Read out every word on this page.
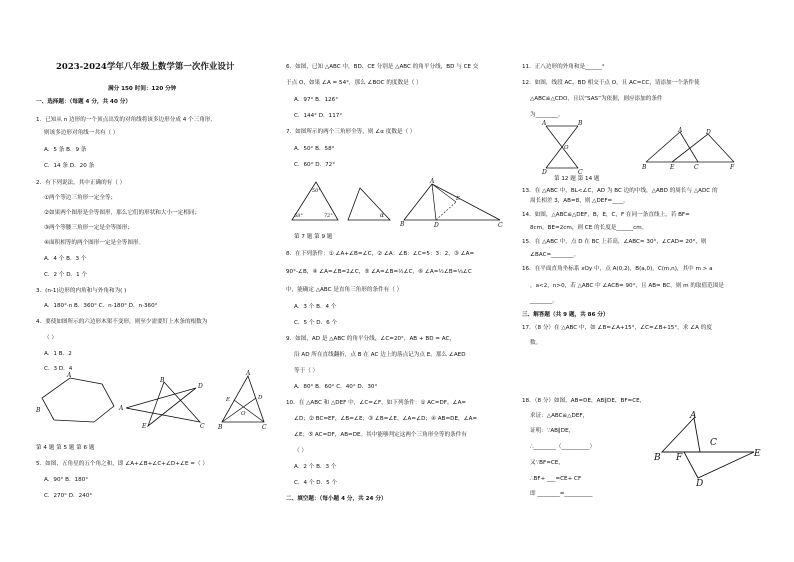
2023-2024学年八年级上数学第一次作业设计
满分 150 时间：120 分钟
一、选择题：（每题 4 分，共 40 分）
1．已知从 n 边形的一个顶点出发的对角线将该多边形分成 4 个三角形，
则该多边形对角线一共有（ ）
A．5 条 B．9 条
C．14 条 D．20 条
2．有下列说法，其中正确的有（ ）
①两个等边三角形一定全等；
②如果两个图形是全等图形，那么它们的形状和大小一定相同；
③两个等腰三角形一定是全等图形；
④面积相等的两个图形一定是全等图形。
A．4 个 B．3 个
C．2 个 D．1 个
3．(n-1)边形的内角和与外角和为( )
A．180°·n B．360° C．n·180° D．n·360°
4．要使如图所示的六边形木架不变形，则至少需要钉上木条的根数为
（ ）
A．1 B．2
C．3 D．4
A
B
B
A
D
E	C
A
E	D
O
B	C
第 4 题 第 5 题 第 6 题
5．如图，五角星的五个角之和，即 ∠A+∠B+∠C+∠D+∠E =（ ）
A．90° B．180°
C．270° D．240°
6．如图，已知 △ABC 中，BD、CE 分别是 △ABC 的角平分线，BD 与 CE 交
于点 O，如果 ∠A = 54°，那么 ∠BOC 的度数是（ ）
A．97° B．126°
C．144° D．117°
7．如图所示的两个三角形全等，则 ∠α 度数是（ ）
A．50° B．58°
C．60° D．72°
50°
58°	72°	α
A
E
B	D	C
第 7 题 第 9 题
8．在下列条件：① ∠A+∠B=∠C，② ∠A：∠B：∠C=5：3：2，③ ∠A=
90°-∠B，④ ∠A=∠B=2∠C，⑤ ∠A=∠B=½∠C，⑥ ∠A=½∠B=⅓∠C
中，能确定 △ABC 是直角三角形的条件有（ ）
A．3 个 B．4 个
C．5 个 D．6 个
9．如图，AD 是 △ABC 的角平分线，∠C=20°，AB + BD = AC，
沿 AD 所在直线翻折，点 B 在 AC 边上的落点记为点 E，那么 ∠AED
等于（ ）
A．80° B．60° C．40° D．30°
10．在 △ABC 和 △DEF 中，∠C=∠F，如下列条件：① AC=DF，∠A=
∠D；② BC=EF，∠B=∠E；③ ∠B=∠E，∠A=∠D；④ AB=DE，∠A=
∠E；⑤ AC=DF，AB=DE。其中能够判定这两个三角形全等的条件有
（ ）
A．2 个 B．3 个
C．4 个 D．5 个
二、填空题：（每小题 4 分，共 24 分）
11．正八边形的外角和是______°
12．如图，线段 AC、BD 相交于点 O，且 AC=CC，请添加一个条件使
△ABC≌△CDO，且以“SAS”为依据，则应添加的条件
为________。
A	B
O
D	C
A	D
B	E	C	F
第 12 题 第 14 题
13．在 △ABC 中，BL<∠C，AD 为 BC 边的中线，△ABD 的周长与 △ADC 的
周长相差 3，AB=8，则 △DEF=____。
14．如图，△ABC≌△DEF，B，E，C，F 在同一条直线上，若 BF=
8cm，BE=2cm，则 CE 的长度是______cm。
15．在 △ABC 中，点 D 在 BC 上若高，∠ABC= 30°，∠CAD= 20°，则
∠BAC=________。
16．在平面直角坐标系 xOy 中，点 A(0,2)，B(a,0)，C(m,n)，其中 m > a
，a<2，n>0，若 △ABC 中 ∠ACB= 90°，且 AB= BC，则 m 的取值范围是
________。
三、解答题（共 9 题，共 86 分）
17．（8 分）在 △ABC 中，如 ∠B=∠A+15°，∠C=∠B+15°，求 ∠A 的度
数。
18．（8 分）如图，AB=DE，AB∥DE，BF=CE，
求证：△ABC≌△DEF，
证明：∵AB∥DE，
∴________（__________）
又∵BF=CE，
∴BF+ ___=CE+ CF
即 ________=__________
A
C
B F	E
D
